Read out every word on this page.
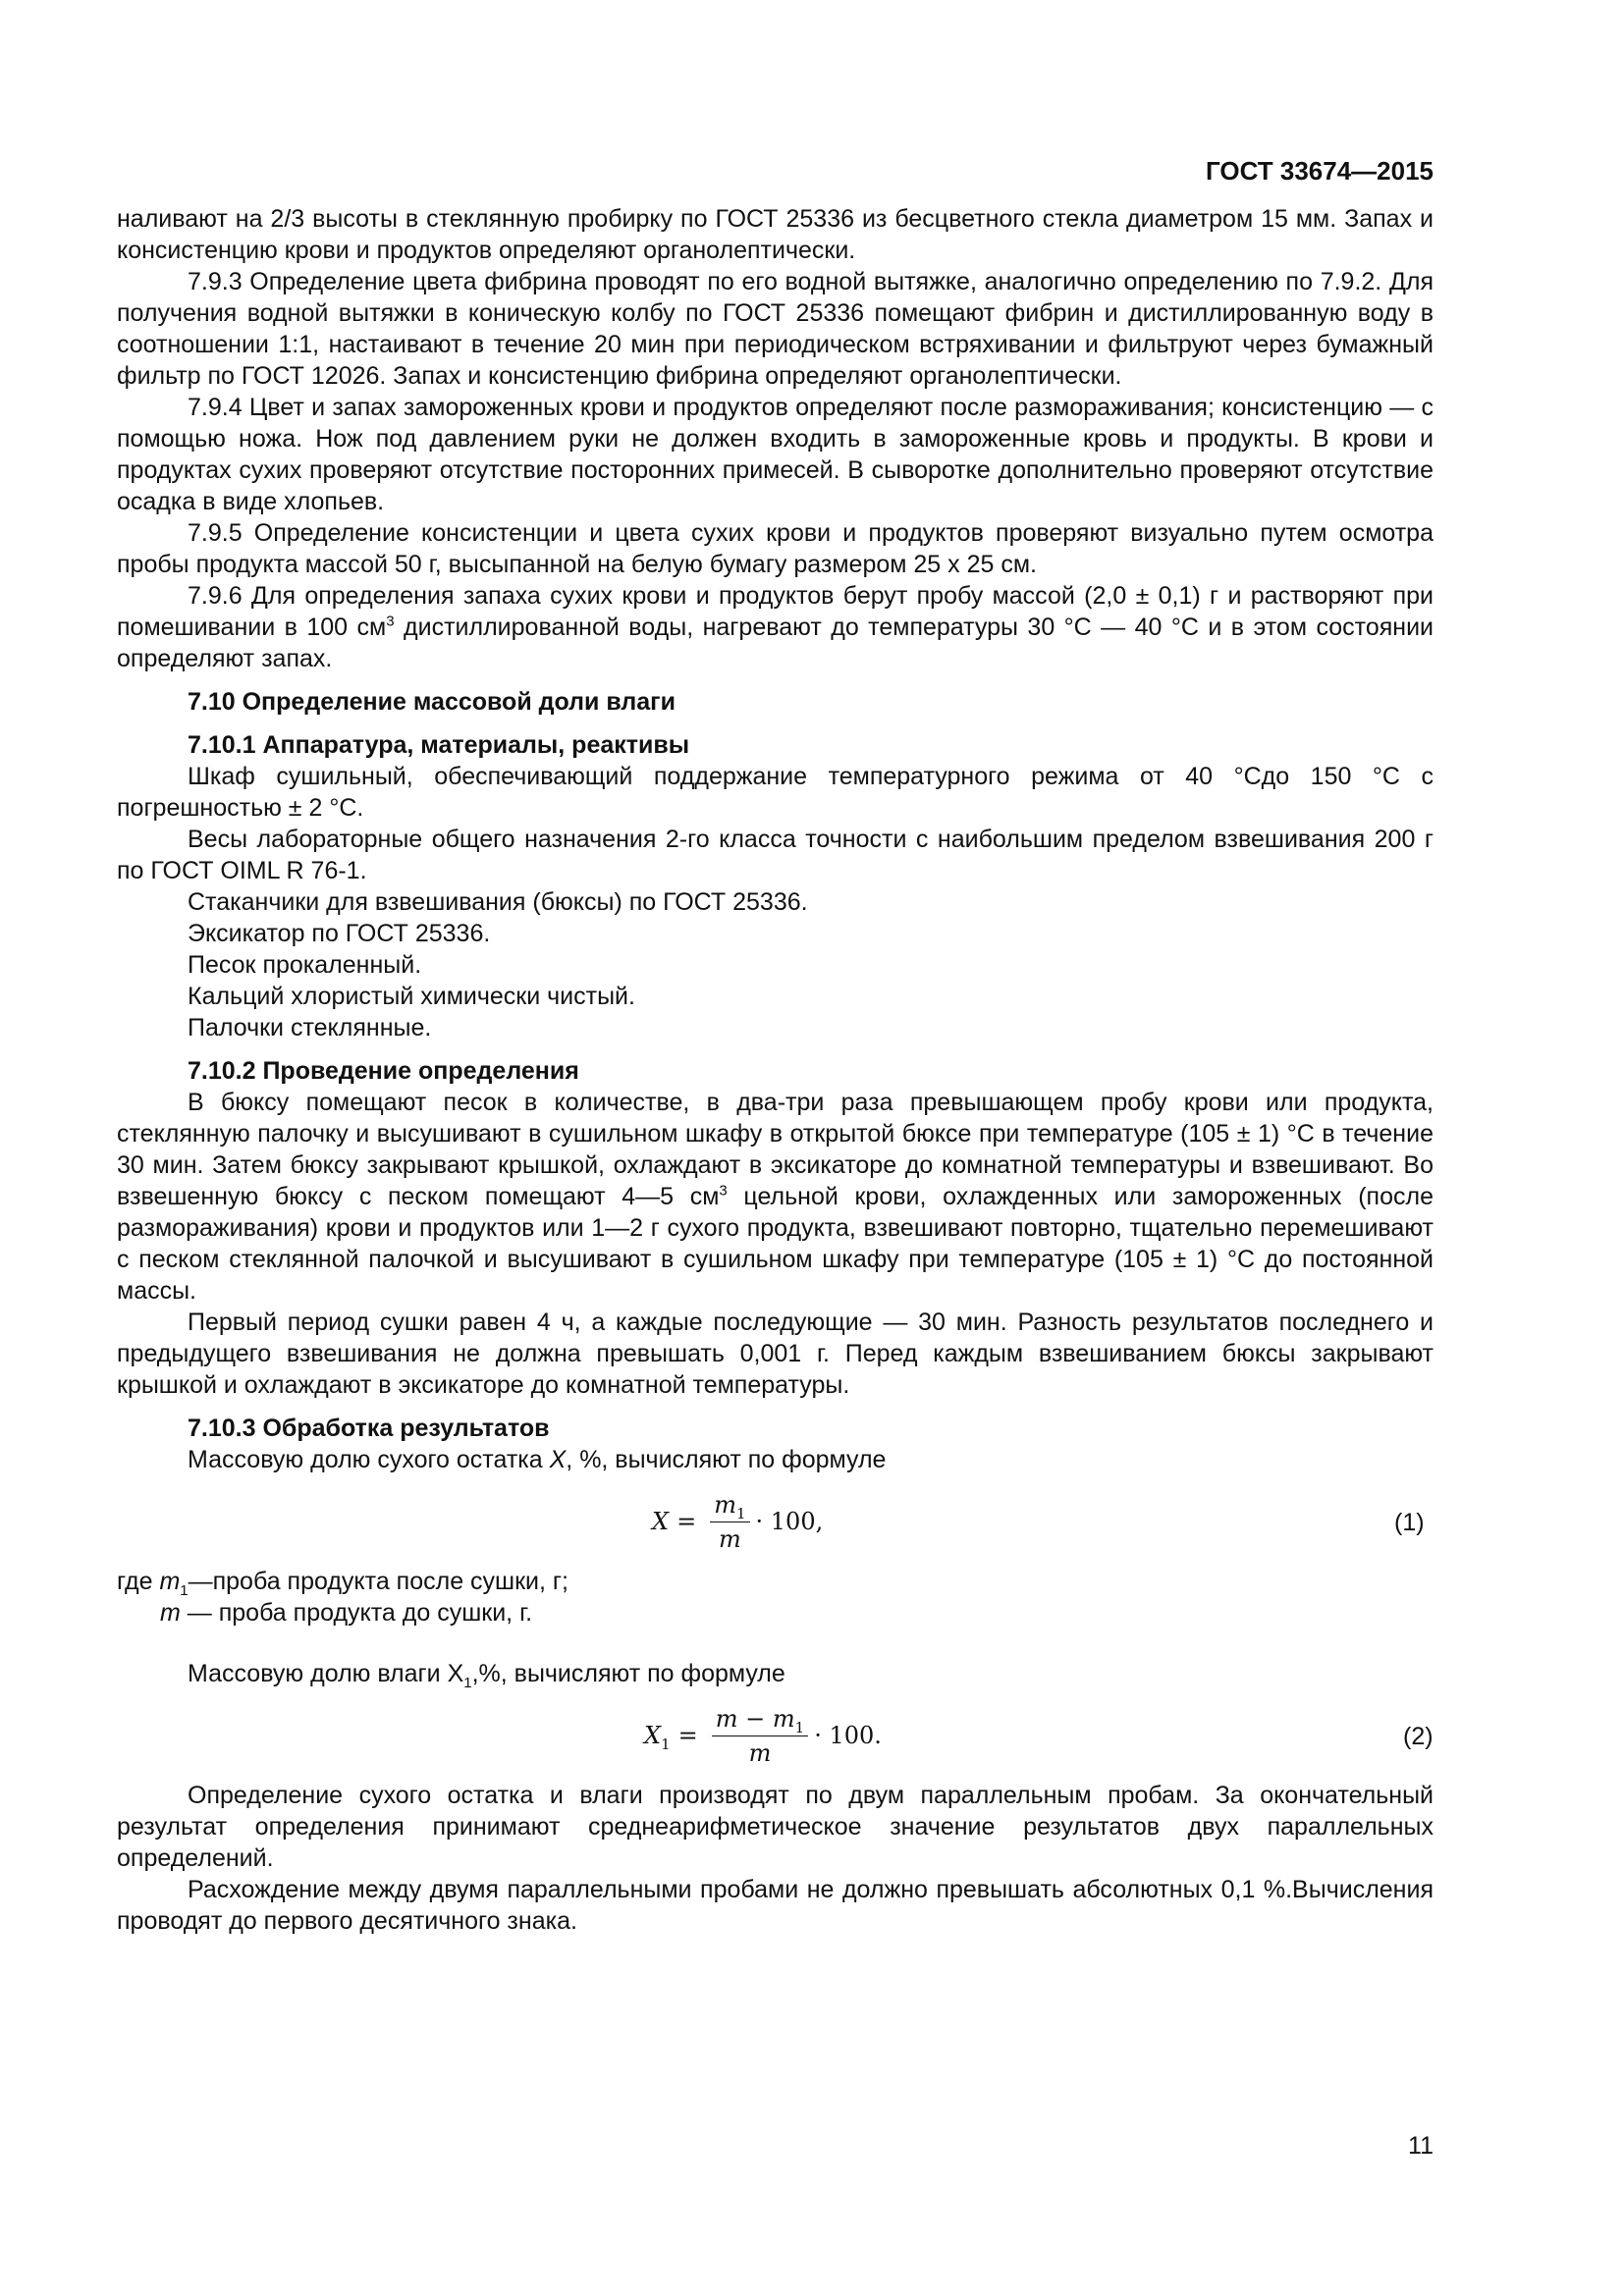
ГОСТ 33674—2015

наливают на 2/3 высоты в стеклянную пробирку по ГОСТ 25336 из бесцветного стекла диаметром 15 мм. Запах и консистенцию крови и продуктов определяют органолептически.

7.9.3 Определение цвета фибрина проводят по его водной вытяжке, аналогично определению по 7.9.2. Для получения водной вытяжки в коническую колбу по ГОСТ 25336 помещают фибрин и дистиллированную воду в соотношении 1:1, настаивают в течение 20 мин при периодическом встряхивании и фильтруют через бумажный фильтр по ГОСТ 12026. Запах и консистенцию фибрина определяют органолептически.

7.9.4 Цвет и запах замороженных крови и продуктов определяют после размораживания; консистенцию — с помощью ножа. Нож под давлением руки не должен входить в замороженные кровь и продукты. В крови и продуктах сухих проверяют отсутствие посторонних примесей. В сыворотке дополнительно проверяют отсутствие осадка в виде хлопьев.

7.9.5 Определение консистенции и цвета сухих крови и продуктов проверяют визуально путем осмотра пробы продукта массой 50 г, высыпанной на белую бумагу размером 25 х 25 см.

7.9.6 Для определения запаха сухих крови и продуктов берут пробу массой (2,0 ± 0,1) г и растворяют при помешивании в 100 $см^3$ дистиллированной воды, нагревают до температуры 30 °С — 40 °С и в этом состоянии определяют запах.

7.10 Определение массовой доли влаги

7.10.1 Аппаратура, материалы, реактивы

Шкаф сушильный, обеспечивающий поддержание температурного режима от 40 °Сдо 150 °С с погрешностью ± 2 °С.

Весы лабораторные общего назначения 2-го класса точности с наибольшим пределом взвешивания 200 г по ГОСТ OIML R 76-1.

Стаканчики для взвешивания (бюксы) по ГОСТ 25336.

Эксикатор по ГОСТ 25336.

Песок прокаленный.

Кальций хлористый химически чистый.

Палочки стеклянные.

7.10.2 Проведение определения

В бюксу помещают песок в количестве, в два-три раза превышающем пробу крови или продукта, стеклянную палочку и высушивают в сушильном шкафу в открытой бюксе при температуре (105 ± 1) °С в течение 30 мин. Затем бюксу закрывают крышкой, охлаждают в эксикаторе до комнатной температуры и взвешивают. Во взвешенную бюксу с песком помещают 4—5 $см^3$ цельной крови, охлажденных или замороженных (после размораживания) крови и продуктов или 1—2 г сухого продукта, взвешивают повторно, тщательно перемешивают с песком стеклянной палочкой и высушивают в сушильном шкафу при температуре (105 ± 1) °С до постоянной массы.

Первый период сушки равен 4 ч, а каждые последующие — 30 мин. Разность результатов последнего и предыдущего взвешивания не должна превышать 0,001 г. Перед каждым взвешиванием бюксы закрывают крышкой и охлаждают в эксикаторе до комнатной температуры.

7.10.3 Обработка результатов

Массовую долю сухого остатка X, %, вычисляют по формуле

$X = \frac{m_1}{m} \cdot 100$,	(1)

где $m_1—проба$ продукта после сушки, г;

m — проба продукта до сушки, г.

Массовую долю влаги $X_1,\%$, вычисляют по формуле

$X_1 = \frac{m - m_1}{m} \cdot 100$.	(2)

Определение сухого остатка и влаги производят по двум параллельным пробам. За окончательный результат определения принимают среднеарифметическое значение результатов двух параллельных определений.

Расхождение между двумя параллельными пробами не должно превышать абсолютных 0,1 %.Вычисления проводят до первого десятичного знака.

11
